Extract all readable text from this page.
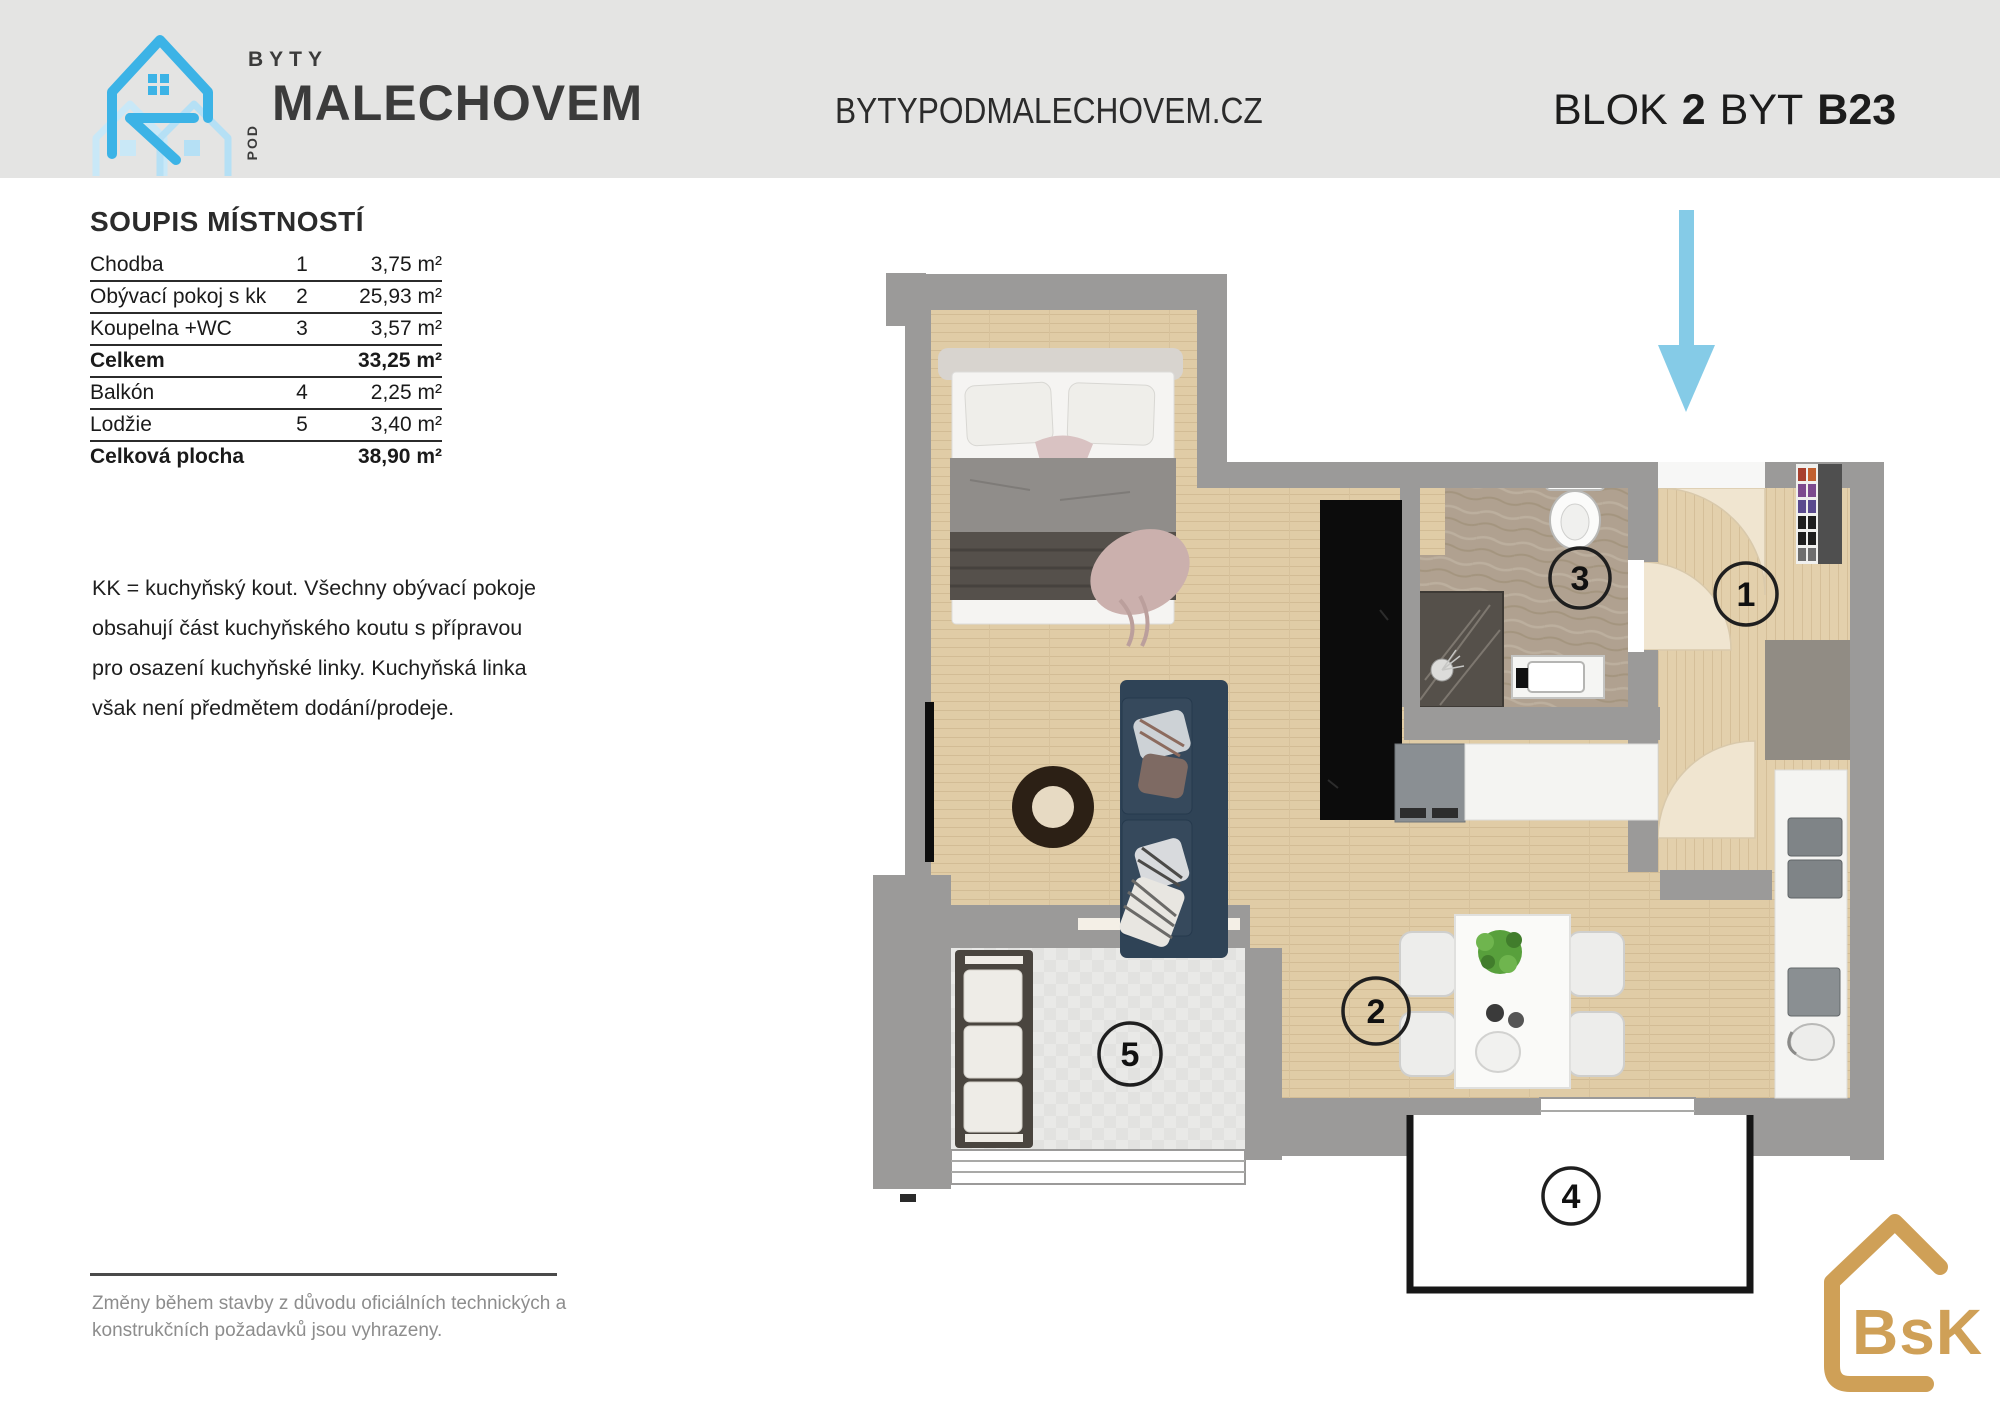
BYTY
POD
MALECHOVEM	BYTYPODMALECHOVEM.CZ	BLOK 2 BYT B23
SOUPIS MÍSTNOSTÍ
Chodba	1	3,75 m²
Obývací pokoj s kk	2	25,93 m²
Koupelna +WC	3	3,57 m²
Celkem	33,25 m²
Balkón	4	2,25 m²
Lodžie	5	3,40 m²
Celková plocha	38,90 m²
KK = kuchyňský kout. Všechny obývací pokoje obsahují část kuchyňského koutu s přípravou pro osazení kuchyňské linky. Kuchyňská linka však není předmětem dodání/prodeje.
1
2
3
4
5
Změny během stavby z důvodu oficiálních technických a konstrukčních požadavků jsou vyhrazeny.	BsK
